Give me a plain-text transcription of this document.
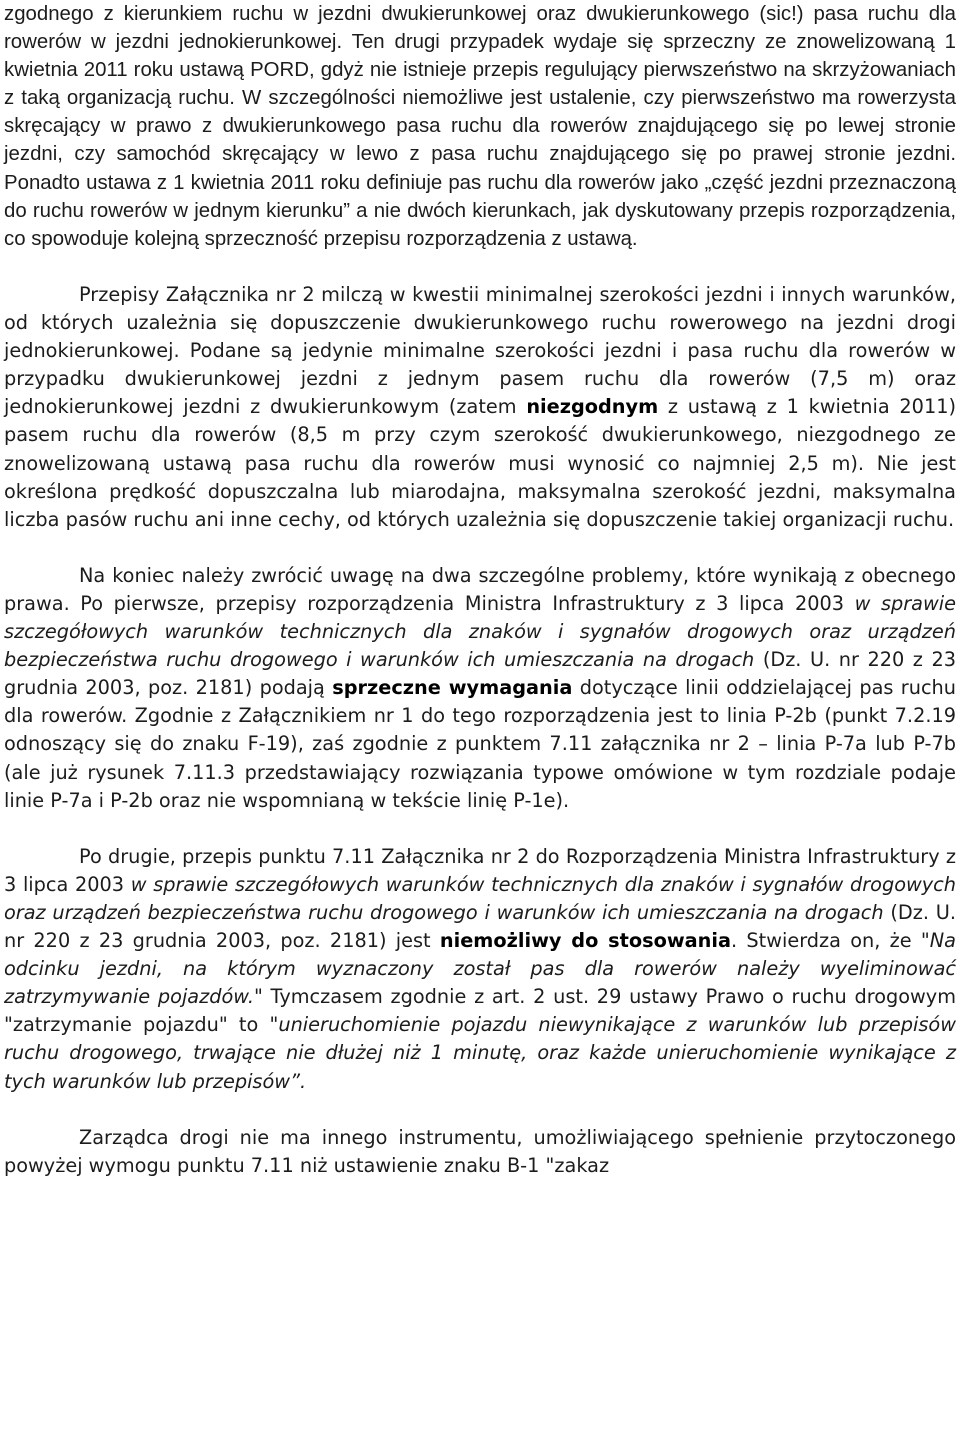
zgodnego z kierunkiem ruchu w jezdni dwukierunkowej oraz dwukierunkowego (sic!) pasa ruchu dla rowerów w jezdni jednokierunkowej. Ten drugi przypadek wydaje się sprzeczny ze znowelizowaną 1 kwietnia 2011 roku ustawą PORD, gdyż nie istnieje przepis regulujący pierwszeństwo na skrzyżowaniach z taką organizacją ruchu. W szczególności niemożliwe jest ustalenie, czy pierwszeństwo ma rowerzysta skręcający w prawo z dwukierunkowego pasa ruchu dla rowerów znajdującego się po lewej stronie jezdni, czy samochód skręcający w lewo z pasa ruchu znajdującego się po prawej stronie jezdni. Ponadto ustawa z 1 kwietnia 2011 roku definiuje pas ruchu dla rowerów jako „część jezdni przeznaczoną do ruchu rowerów w jednym kierunku” a nie dwóch kierunkach, jak dyskutowany przepis rozporządzenia, co spowoduje kolejną sprzeczność przepisu rozporządzenia z ustawą.

Przepisy Załącznika nr 2 milczą w kwestii minimalnej szerokości jezdni i innych warunków, od których uzależnia się dopuszczenie dwukierunkowego ruchu rowerowego na jezdni drogi jednokierunkowej. Podane są jedynie minimalne szerokości jezdni i pasa ruchu dla rowerów w przypadku dwukierunkowej jezdni z jednym pasem ruchu dla rowerów (7,5 m) oraz jednokierunkowej jezdni z dwukierunkowym (zatem niezgodnym z ustawą z 1 kwietnia 2011) pasem ruchu dla rowerów (8,5 m przy czym szerokość dwukierunkowego, niezgodnego ze znowelizowaną ustawą pasa ruchu dla rowerów musi wynosić co najmniej 2,5 m). Nie jest określona prędkość dopuszczalna lub miarodajna, maksymalna szerokość jezdni, maksymalna liczba pasów ruchu ani inne cechy, od których uzależnia się dopuszczenie takiej organizacji ruchu.

Na koniec należy zwrócić uwagę na dwa szczególne problemy, które wynikają z obecnego prawa. Po pierwsze, przepisy rozporządzenia Ministra Infrastruktury z 3 lipca 2003 w sprawie szczegółowych warunków technicznych dla znaków i sygnałów drogowych oraz urządzeń bezpieczeństwa ruchu drogowego i warunków ich umieszczania na drogach (Dz. U. nr 220 z 23 grudnia 2003, poz. 2181) podają sprzeczne wymagania dotyczące linii oddzielającej pas ruchu dla rowerów. Zgodnie z Załącznikiem nr 1 do tego rozporządzenia jest to linia P-2b (punkt 7.2.19 odnoszący się do znaku F-19), zaś zgodnie z punktem 7.11 załącznika nr 2 – linia P-7a lub P-7b (ale już rysunek 7.11.3 przedstawiający rozwiązania typowe omówione w tym rozdziale podaje linie P-7a i P-2b oraz nie wspomnianą w tekście linię P-1e).

Po drugie, przepis punktu 7.11 Załącznika nr 2 do Rozporządzenia Ministra Infrastruktury z 3 lipca 2003 w sprawie szczegółowych warunków technicznych dla znaków i sygnałów drogowych oraz urządzeń bezpieczeństwa ruchu drogowego i warunków ich umieszczania na drogach (Dz. U. nr 220 z 23 grudnia 2003, poz. 2181) jest niemożliwy do stosowania. Stwierdza on, że "Na odcinku jezdni, na którym wyznaczony został pas dla rowerów należy wyeliminować zatrzymywanie pojazdów." Tymczasem zgodnie z art. 2 ust. 29 ustawy Prawo o ruchu drogowym "zatrzymanie pojazdu" to "unieruchomienie pojazdu niewynikające z warunków lub przepisów ruchu drogowego, trwające nie dłużej niż 1 minutę, oraz każde unieruchomienie wynikające z tych warunków lub przepisów”.

Zarządca drogi nie ma innego instrumentu, umożliwiającego spełnienie przytoczonego powyżej wymogu punktu 7.11 niż ustawienie znaku B-1 "zakaz
